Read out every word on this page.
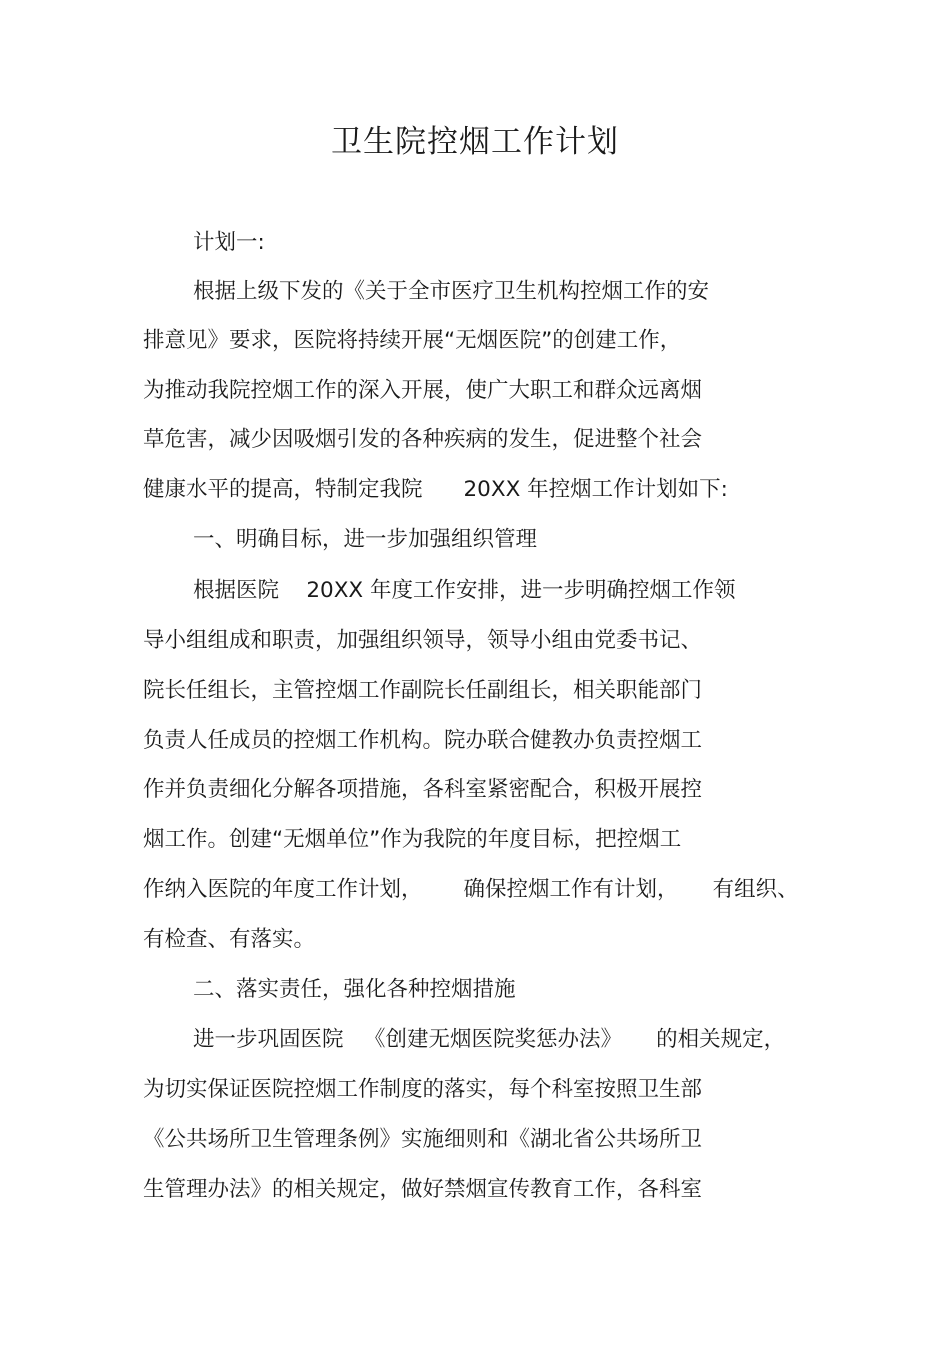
卫生院控烟工作计划
计划一:
根据上级下发的《关于全市医疗卫生机构控烟工作的安
排意见》要求，医院将持续开展“无烟医院”的创建工作，
为推动我院控烟工作的深入开展，使广大职工和群众远离烟
草危害，减少因吸烟引发的各种疾病的发生，促进整个社会
健康水平的提高，特制定我院      20XX 年控烟工作计划如下:
一、明确目标，进一步加强组织管理
根据医院    20XX 年度工作安排，进一步明确控烟工作领
导小组组成和职责，加强组织领导，领导小组由党委书记、
院长任组长，主管控烟工作副院长任副组长，相关职能部门
负责人任成员的控烟工作机构。院办联合健教办负责控烟工
作并负责细化分解各项措施，各科室紧密配合，积极开展控
烟工作。创建“无烟单位”作为我院的年度目标，把控烟工
作纳入医院的年度工作计划，      确保控烟工作有计划，     有组织、
有检查、有落实。
二、落实责任，强化各种控烟措施
进一步巩固医院   《创建无烟医院奖惩办法》     的相关规定，
为切实保证医院控烟工作制度的落实，每个科室按照卫生部
《公共场所卫生管理条例》实施细则和《湖北省公共场所卫
生管理办法》的相关规定，做好禁烟宣传教育工作，各科室
